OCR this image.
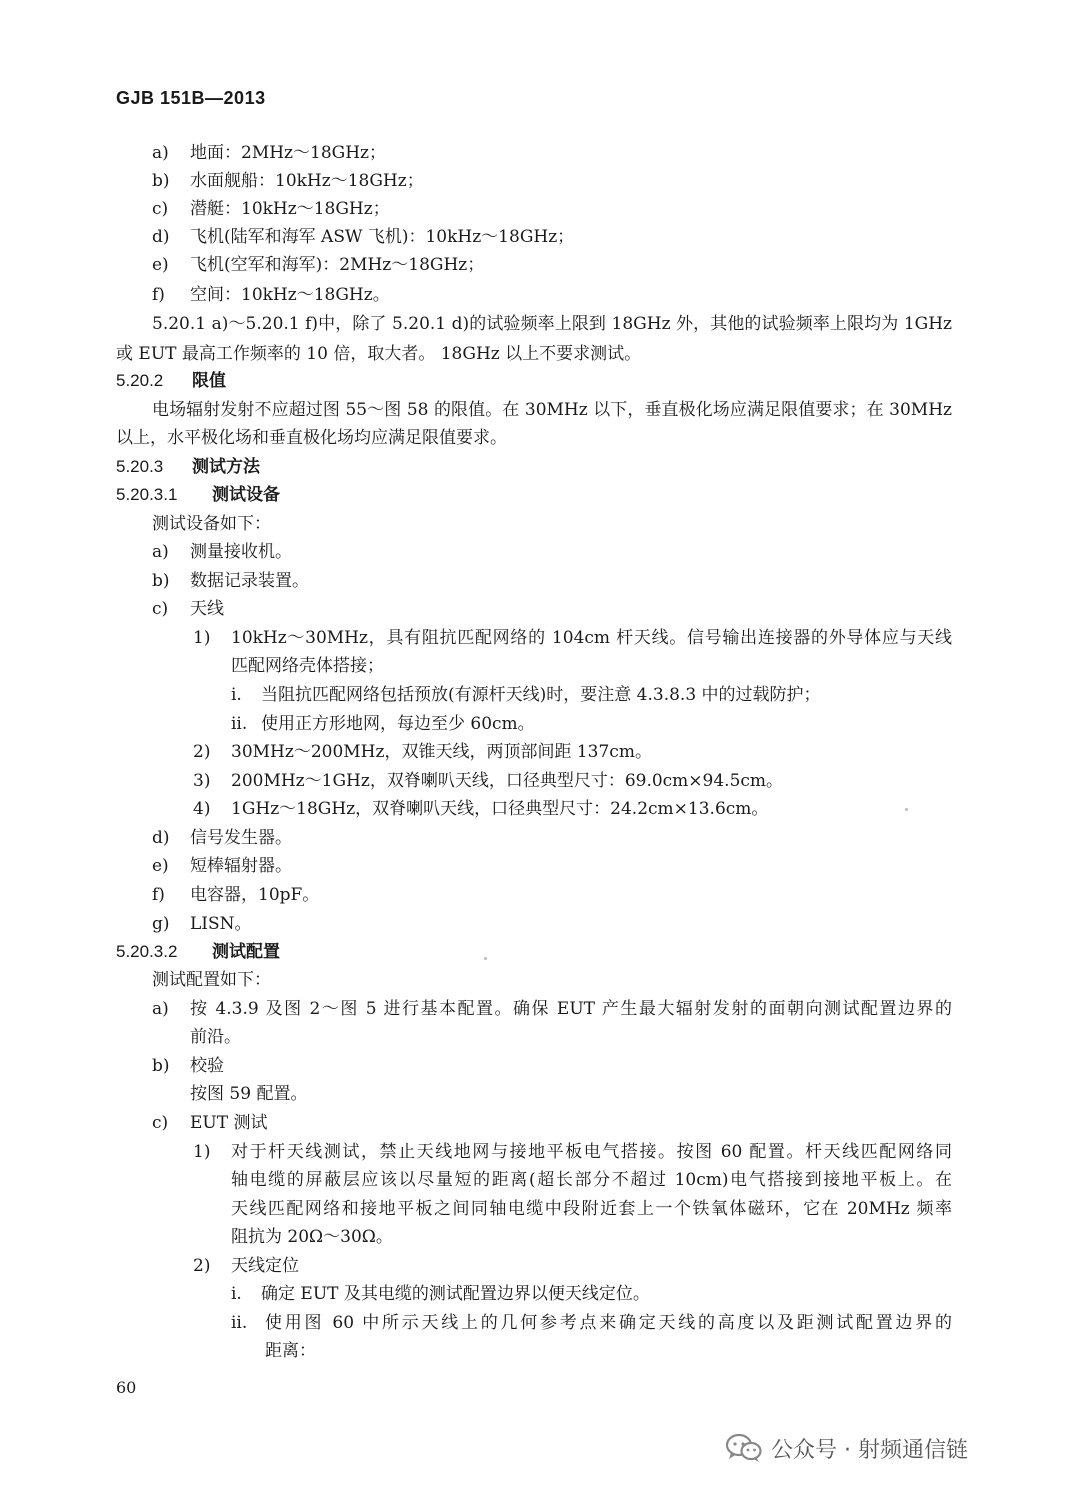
GJB 151B—2013
a) 地面：2MHz～18GHz；
b) 水面舰船：10kHz～18GHz；
c) 潜艇：10kHz～18GHz；
d) 飞机(陆军和海军 ASW 飞机)：10kHz～18GHz；
e) 飞机(空军和海军)：2MHz～18GHz；
f) 空间：10kHz～18GHz。
5.20.1 a)～5.20.1 f)中，除了 5.20.1 d)的试验频率上限到 18GHz 外，其他的试验频率上限均为 1GHz
或 EUT 最高工作频率的 10 倍，取大者。 18GHz 以上不要求测试。
5.20.2 限值
电场辐射发射不应超过图 55～图 58 的限值。在 30MHz 以下，垂直极化场应满足限值要求；在 30MHz
以上，水平极化场和垂直极化场均应满足限值要求。
5.20.3 测试方法
5.20.3.1 测试设备
测试设备如下：
a) 测量接收机。
b) 数据记录装置。
c) 天线
1) 10kHz～30MHz，具有阻抗匹配网络的 104cm 杆天线。信号输出连接器的外导体应与天线
匹配网络壳体搭接；
i. 当阻抗匹配网络包括预放(有源杆天线)时，要注意 4.3.8.3 中的过载防护；
ii. 使用正方形地网，每边至少 60cm。
2) 30MHz～200MHz，双锥天线，两顶部间距 137cm。
3) 200MHz～1GHz，双脊喇叭天线，口径典型尺寸：69.0cm×94.5cm。
4) 1GHz～18GHz，双脊喇叭天线，口径典型尺寸：24.2cm×13.6cm。
d) 信号发生器。
e) 短棒辐射器。
f) 电容器，10pF。
g) LISN。
5.20.3.2 测试配置
测试配置如下：
a) 按 4.3.9 及图 2～图 5 进行基本配置。确保 EUT 产生最大辐射发射的面朝向测试配置边界的
前沿。
b) 校验
按图 59 配置。
c) EUT 测试
1) 对于杆天线测试，禁止天线地网与接地平板电气搭接。按图 60 配置。杆天线匹配网络同
轴电缆的屏蔽层应该以尽量短的距离(超长部分不超过 10cm)电气搭接到接地平板上。在
天线匹配网络和接地平板之间同轴电缆中段附近套上一个铁氧体磁环，它在 20MHz 频率
阻抗为 20Ω～30Ω。
2) 天线定位
i. 确定 EUT 及其电缆的测试配置边界以便天线定位。
ii. 使用图 60 中所示天线上的几何参考点来确定天线的高度以及距测试配置边界的
距离：
60
公众号 · 射频通信链
